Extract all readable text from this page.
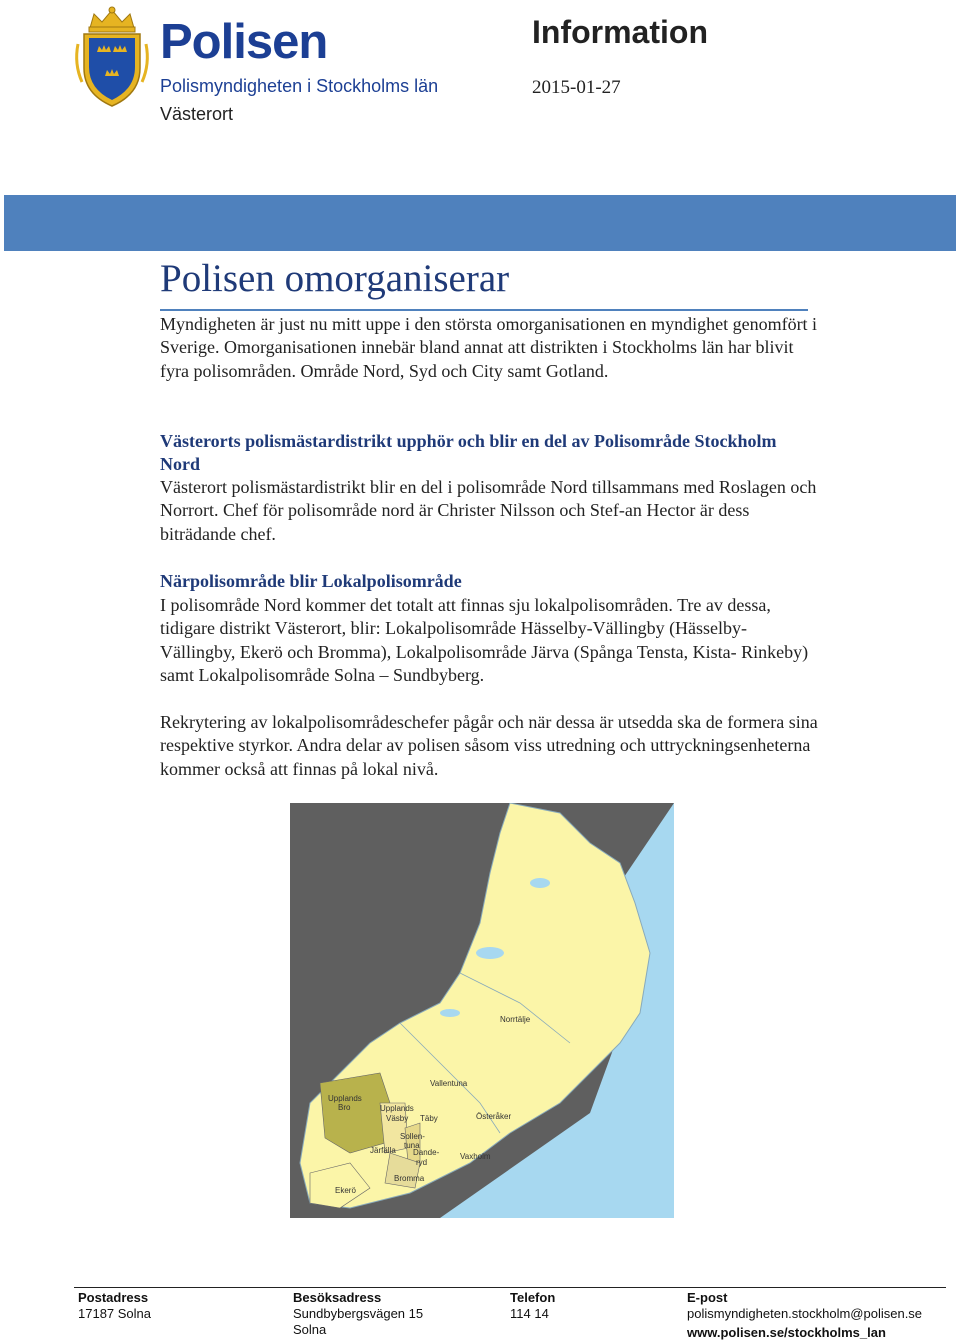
Polisen
Polismyndigheten i Stockholms län
Västerort
Information
2015-01-27
Polisen omorganiserar
Myndigheten är just nu mitt uppe i den största omorganisationen en myndighet genomfört i Sverige. Omorganisationen innebär bland annat att distrikten i Stockholms län har blivit fyra polisområden. Område Nord, Syd och City samt Gotland.
Västerorts polismästardistrikt upphör och blir en del av Polisområde Stockholm Nord
Västerort polismästardistrikt blir en del i polisområde Nord tillsammans med Roslagen och Norrort. Chef för polisområde nord är Christer Nilsson och Stef-an Hector är dess biträdande chef.
Närpolisområde blir Lokalpolisområde
I polisområde Nord kommer det totalt att finnas sju lokalpolisområden. Tre av dessa, tidigare distrikt Västerort, blir: Lokalpolisområde Hässelby-Vällingby (Hässelby-Vällingby, Ekerö och Bromma), Lokalpolisområde Järva (Spånga Tensta, Kista- Rinkeby) samt Lokalpolisområde Solna – Sundbyberg.
Rekrytering av lokalpolisområdeschefer pågår och när dessa är utsedda ska de formera sina respektive styrkor. Andra delar av polisen såsom viss utredning och uttryckningsenheterna kommer också att finnas på lokal nivå.
Norrtälje
Vallentuna
Upplands
Bro	Upplands
Väsby Täby	Österåker
Sollen-
tuna
Järfälla Dande-
ryd
Vaxholm
Ekerö
Bromma
Postadress
17187 Solna
Besöksadress
Sundbybergsvägen 15
Solna
Telefon
114 14
E-post
polismyndigheten.stockholm@polisen.se
www.polisen.se/stockholms_lan
